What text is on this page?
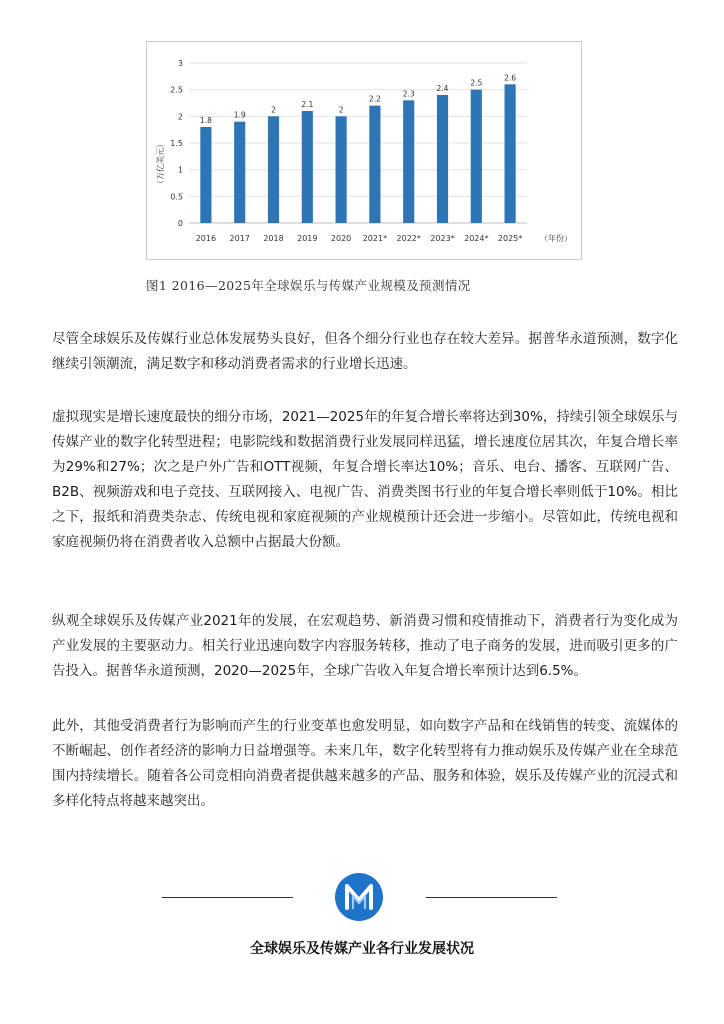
0
0.5
1
1.5
2
2.5
3
1.8
2016
1.9
2017
2
2018
2.1
2019
2
2020
2.2
2021*
2.3
2022*
2.4
2023*
2.5
2024*
2.6
2025*
（万亿美元）
（年份）
图1 2016—2025年全球娱乐与传媒产业规模及预测情况

尽管全球娱乐及传媒行业总体发展势头良好，但各个细分行业也存在较大差异。据普华永道预测，数字化继续引领潮流，满足数字和移动消费者需求的行业增长迅速。

虚拟现实是增长速度最快的细分市场，2021—2025年的年复合增长率将达到30%，持续引领全球娱乐与传媒产业的数字化转型进程；电影院线和数据消费行业发展同样迅猛，增长速度位居其次，年复合增长率为29%和27%；次之是户外广告和OTT视频，年复合增长率达10%；音乐、电台、播客、互联网广告、B2B、视频游戏和电子竞技、互联网接入、电视广告、消费类图书行业的年复合增长率则低于10%。相比之下，报纸和消费类杂志、传统电视和家庭视频的产业规模预计还会进一步缩小。尽管如此，传统电视和家庭视频仍将在消费者收入总额中占据最大份额。

纵观全球娱乐及传媒产业2021年的发展，在宏观趋势、新消费习惯和疫情推动下，消费者行为变化成为产业发展的主要驱动力。相关行业迅速向数字内容服务转移，推动了电子商务的发展，进而吸引更多的广告投入。据普华永道预测，2020—2025年，全球广告收入年复合增长率预计达到6.5%。

此外，其他受消费者行为影响而产生的行业变革也愈发明显，如向数字产品和在线销售的转变、流媒体的不断崛起、创作者经济的影响力日益增强等。未来几年，数字化转型将有力推动娱乐及传媒产业在全球范围内持续增长。随着各公司竞相向消费者提供越来越多的产品、服务和体验，娱乐及传媒产业的沉浸式和多样化特点将越来越突出。

全球娱乐及传媒产业各行业发展状况
